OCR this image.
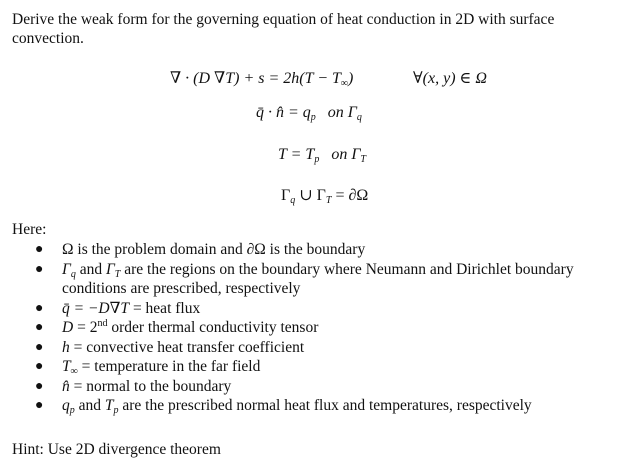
Derive the weak form for the governing equation of heat conduction in 2D with surface convection.
∇ · (D $\nabla T) + s = 2h(T - T_\infty)$	∀(x, y) ∈ Ω
q̄ · n̂ = $q_p$ on $\Gamma_q$
$T = T_p$ on $\Gamma_T$
$\Gamma_q$ ∪ $\Gamma_T = \partial\Omega$
Here:
● Ω is the problem domain and ∂Ω is the boundary
● $\Gamma_q$ and $\Gamma_T$ are the regions on the boundary where Neumann and Dirichlet boundary conditions are prescribed, respectively
● q̄ = −D∇T = heat flux
● D = 2nd order thermal conductivity tensor
● h = convective heat transfer coefficient
● $T_\infty$ = temperature in the far field
● n̂ = normal to the boundary
● $q_p$ and $T_p$ are the prescribed normal heat flux and temperatures, respectively
Hint: Use 2D divergence theorem
